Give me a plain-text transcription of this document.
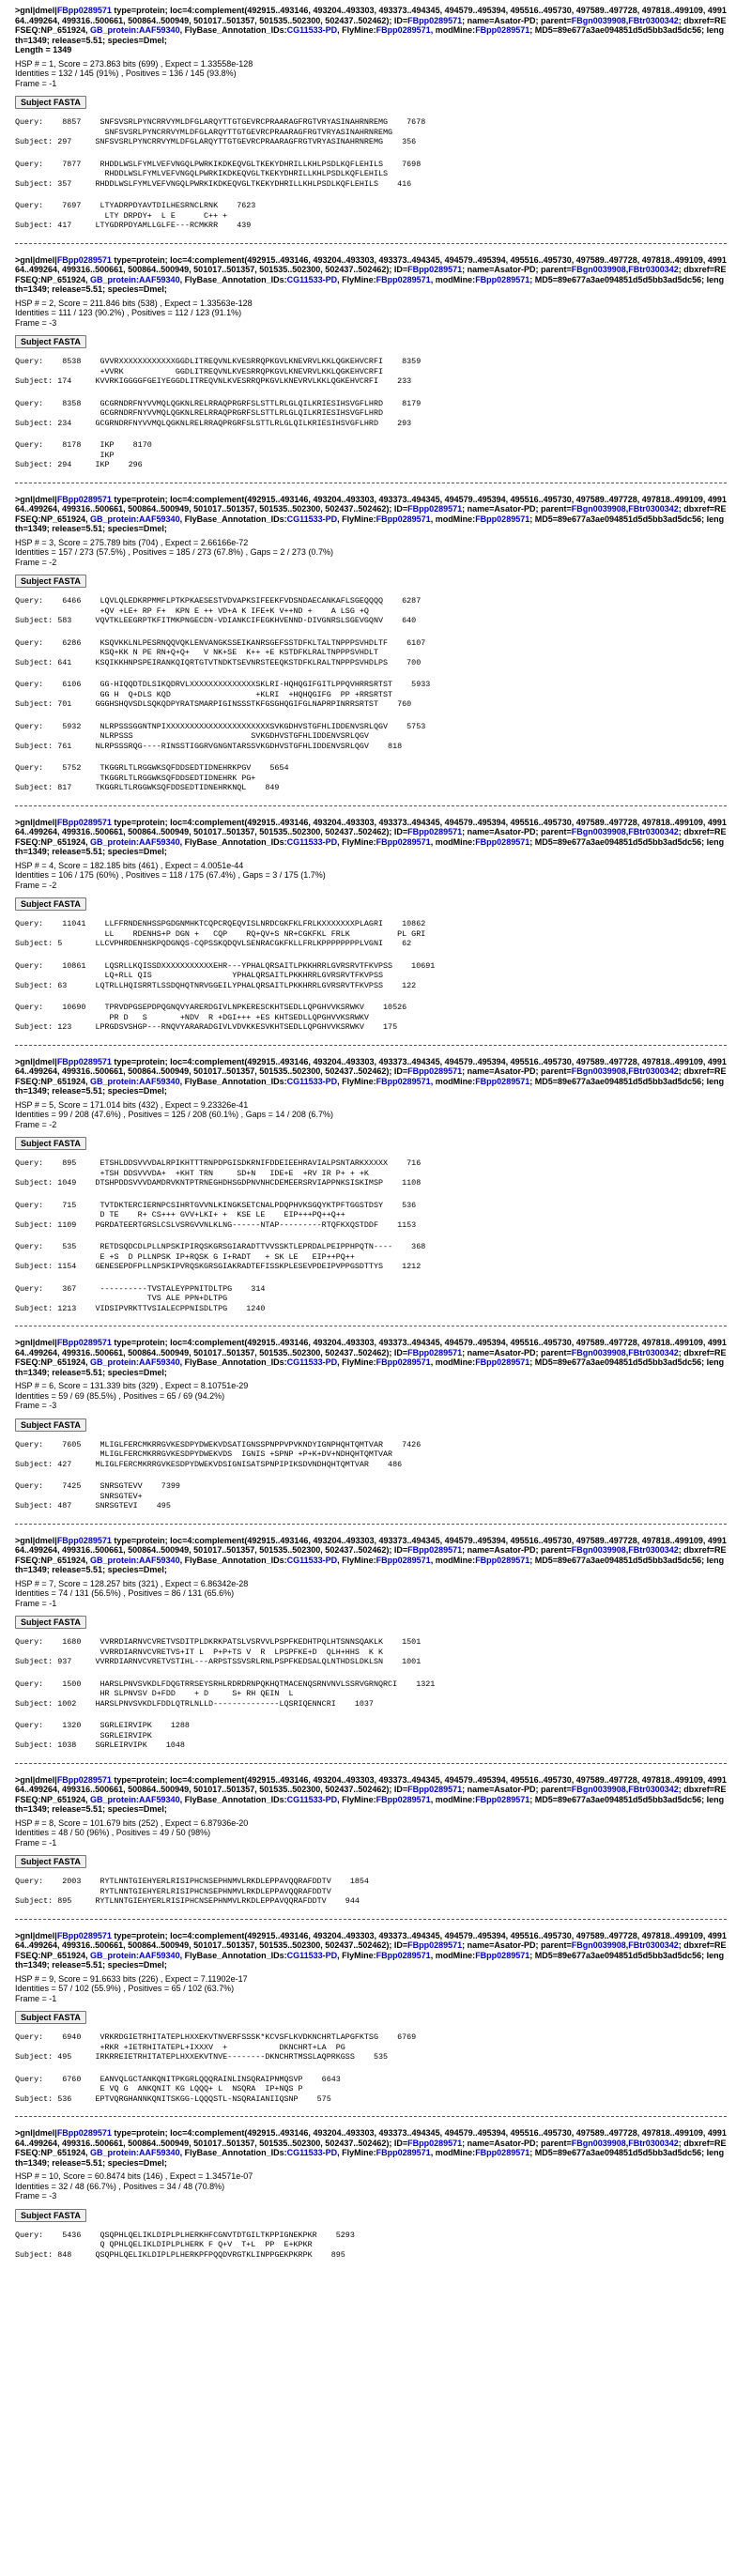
>gnl|dmel|FBpp0289571 type=protein; loc=4:complement(492915..493146, 493204..493303, 493373..494345, 494579..495394, 495516..495730, 497589..497728, 497818..499109, 499164..499264, 499316..500661, 500864..500949, 501017..501357, 501535..502300, 502437..502462); ID=FBpp0289571; name=Asator-PD; parent=FBgn0039908,FBtr0300342; dbxref=REFSEQ:NP_651924, GB_protein:AAF59340, FlyBase_Annotation_IDs:CG11533-PD, FlyMine:FBpp0289571, modMine:FBpp0289571; MD5=89e677a3ae094851d5d5bb3ad5dc56; length=1349; release=5.51; species=Dmel;
Length = 1349
HSP # = 1, Score = 273.863 bits (699) , Expect = 1.33558e-128
Identities = 132 / 145 (91%) , Positives = 136 / 145 (93.8%)
Frame = -1
Subject FASTA
Query:    8857    SNFSVSRLPYNCRRVYMLDFGLARQYTTGTGEVRCPRAARAGFRGTVRYASINAHRNREMG    7678
SNFSVSRLPYNCRRVYMLDFGLARQYTTGTGEVRCPRAARAGFRGTVRYASINAHRNREMG
Subject: 297     SNFSVSRLPYNCRRVYMLDFGLARQYTTGTGEVRCPRAARAGFRGTVRYASINAHRNREMG    356
Query:    7877    RHDDLWSLFYMLVEFVNGQLPWRKIKDKEQVGLTKEKYDHRILLKHLPSDLKQFLEHILS    7698
RHDDLWSLFYMLVEFVNGQLPWRKIKDKEQVGLTKEKYDHRILLKHLPSDLKQFLEHILS
Subject: 357     RHDDLWSLFYMLVEFVNGQLPWRKIKDKEQVGLTKEKYDHRILLKHLPSDLKQFLEHILS    416
Query:    7697    LTYADRPDYAVTDILHESRNCLRNK    7623
LTY DRPDY+  L E      C++ +
Subject: 417     LTYGDRPDYAMLLGLFE---RCMKRR    439
>gnl|dmel|FBpp0289571 type=protein; loc=4:complement(492915..493146, 493204..493303, 493373..494345, 494579..495394, 495516..495730, 497589..497728, 497818..499109, 499164..499264, 499316..500661, 500864..500949, 501017..501357, 501535..502300, 502437..502462); ID=FBpp0289571; name=Asator-PD; parent=FBgn0039908,FBtr0300342; dbxref=REFSEQ:NP_651924, GB_protein:AAF59340, FlyBase_Annotation_IDs:CG11533-PD, FlyMine:FBpp0289571, modMine:FBpp0289571; MD5=89e677a3ae094851d5d5bb3ad5dc56; length=1349; release=5.51; species=Dmel;
HSP # = 2, Score = 211.846 bits (538) , Expect = 1.33563e-128
Identities = 111 / 123 (90.2%) , Positives = 112 / 123 (91.1%)
Frame = -3
Subject FASTA
Query:    8538    GVVRXXXXXXXXXXXXGGDLITREQVNLKVESRRQPKGVLKNEVRVLKKLQGKEHVCRFI    8359
+VVRK           GGDLITREQVNLKVESRRQPKGVLKNEVRVLKKLQGKEHVCRFI
Subject: 174     KVVRKIGGGGFGEIYEGGDLITREQVNLKVESRRQPKGVLKNEVRVLKKLQGKEHVCRFI    233
Query:    8358    GCGRNDRFNYVVMQLQGKNLRELRRAQPRGRFSLSTTLRLGLQILKRIESIHSVGFLHRD    8179
GCGRNDRFNYVVMQLQGKNLRELRRAQPRGRFSLSTTLRLGLQILKRIESIHSVGFLHRD
Subject: 234     GCGRNDRFNYVVMQLQGKNLRELRRAQPRGRFSLSTTLRLGLQILKRIESIHSVGFLHRD    293
Query:    8178    IKP    8170
IKP
Subject: 294     IKP    296
>gnl|dmel|FBpp0289571 type=protein; loc=4:complement(492915..493146, 493204..493303, 493373..494345, 494579..495394, 495516..495730, 497589..497728, 497818..499109, 499164..499264, 499316..500661, 500864..500949, 501017..501357, 501535..502300, 502437..502462); ID=FBpp0289571; name=Asator-PD; parent=FBgn0039908,FBtr0300342; dbxref=REFSEQ:NP_651924, GB_protein:AAF59340, FlyBase_Annotation_IDs:CG11533-PD, FlyMine:FBpp0289571, modMine:FBpp0289571; MD5=89e677a3ae094851d5d5bb3ad5dc56; length=1349; release=5.51; species=Dmel;
HSP # = 3, Score = 275.789 bits (704) , Expect = 2.66166e-72
Identities = 157 / 273 (57.5%) , Positives = 185 / 273 (67.8%) , Gaps = 2 / 273 (0.7%)
Frame = -2
Subject FASTA
Query:    6466    LQVLQLEDKRPMMFLPTKPKAESESTVDVAPKSIFEEKFVDSNDAECANKAFLSGEQQQQ    6287
+QV +LE+ RP F+  KPN E ++ VD+A K IFE+K V++ND +    A LSG +Q
Subject: 583     VQVTKLEEGRPTKFITMKPNGECDN-VDIANKCIFEGKHVENND-DIVGNRSLSGEVGQNV    640
Query:    6286    KSQVKKLNLPESRNQQVQKLENVANGKSSEIKANRSGEFSSTDFKLTALTNPPPSVHDLTF    6107
KSQ+KK N PE RN+Q+Q+   V NK+SE  K++ +E KSTDFKLRALTNPPPSVHDLT
Subject: 641     KSQIKKHNPSPEIRANKQIQRTGTVTNDKTSEVNRSTEEQKSTDFKLRALTNPPPSVHDLPS    700
Query:    6106    GG-HIQQDTDLSIKQDRVLXXXXXXXXXXXXXXSKLRI-HQHQGIFGITLPPQVHRRSRTST    5933
GG H  Q+DLS KQD                  +KLRI  +HQHQGIFG  PP +RRSRTST
Subject: 701     GGGHSHQVSDLSQKQDPYRATSMARPIGINSSSTKFGSGHQGIFGLNAPRPINRRSRTST    760
Query:    5932    NLRPSSSGGNTNPIXXXXXXXXXXXXXXXXXXXXXXSVKGDHVSTGFHLIDDENVSRLQGV    5753
NLRPSSS                         SVKGDHVSTGFHLIDDENVSRLQGV
Subject: 761     NLRPSSSRQG----RINSSTIGGRVGNGNTARSSVKGDHVSTGFHLIDDENVSRLQGV    818
Query:    5752    TKGGRLTLRGGWKSQFDDSEDTIDNEHRKPGV    5654
TKGGRLTLRGGWKSQFDDSEDTIDNEHRK PG+
Subject: 817     TKGGRLTLRGGWKSQFDDSEDTIDNEHRKNQL    849
>gnl|dmel|FBpp0289571 type=protein; loc=4:complement(492915..493146, 493204..493303, 493373..494345, 494579..495394, 495516..495730, 497589..497728, 497818..499109, 499164..499264, 499316..500661, 500864..500949, 501017..501357, 501535..502300, 502437..502462); ID=FBpp0289571; name=Asator-PD; parent=FBgn0039908,FBtr0300342; dbxref=REFSEQ:NP_651924, GB_protein:AAF59340, FlyBase_Annotation_IDs:CG11533-PD, FlyMine:FBpp0289571, modMine:FBpp0289571; MD5=89e677a3ae094851d5d5bb3ad5dc56; length=1349; release=5.51; species=Dmel;
HSP # = 4, Score = 182.185 bits (461) , Expect = 4.0051e-44
Identities = 106 / 175 (60%) , Positives = 118 / 175 (67.4%) , Gaps = 3 / 175 (1.7%)
Frame = -2
Subject FASTA
Query:    11041    LLFFRNDENHSSPGDGNMHKTCQPCRQEQVISLNRDCGKFKLFRLKXXXXXXXPLAGRI    10862
LL    RDENHS+P DGN +   CQP    RQ+QV+S NR+CGKFKL FRLK          PL GRI
Subject: 5       LLCVPHRDENHSKPQDGNQS-CQPSSKQDQVLSENRACGKFKLLFRLKPPPPPPPPLVGNI    62
Query:    10861    LQSRLLKQISSDXXXXXXXXXXXEHR---YPHALQRSAITLPKKHRRLGVRSRVTFKVPSS    10691
LQ+RLL QIS                 YPHALQRSAITLPKKHRRLGVRSRVTFKVPSS
Subject: 63      LQTRLLHQISRRTLSSDQHQTNRVGGEILYPHALQRSAITLPKKHRRLGVRSRVTFKVPSS    122
Query:    10690    TPRVDPGSEPDPQGNQVYARERDGIVLNPKERESCKHTSEDLLQPGHVVKSRWKV    10526
PR D   S       +NDV  R +DGI+++ +ES KHTSEDLLQPGHVVKSRWKV
Subject: 123     LPRGDSVSHGP---RNQVYARARADGIVLVDVKKESVKHTSEDLLQPGHVVKSRWKV    175
>gnl|dmel|FBpp0289571 type=protein; loc=4:complement(492915..493146, 493204..493303, 493373..494345, 494579..495394, 495516..495730, 497589..497728, 497818..499109, 499164..499264, 499316..500661, 500864..500949, 501017..501357, 501535..502300, 502437..502462); ID=FBpp0289571; name=Asator-PD; parent=FBgn0039908,FBtr0300342; dbxref=REFSEQ:NP_651924, GB_protein:AAF59340, FlyBase_Annotation_IDs:CG11533-PD, FlyMine:FBpp0289571, modMine:FBpp0289571; MD5=89e677a3ae094851d5d5bb3ad5dc56; length=1349; release=5.51; species=Dmel;
HSP # = 5, Score = 171.014 bits (432) , Expect = 9.23326e-41
Identities = 99 / 208 (47.6%) , Positives = 125 / 208 (60.1%) , Gaps = 14 / 208 (6.7%)
Frame = -2
Subject FASTA
Query:    895     ETSHLDDSVVVDALRPIKHTTTRNPDPGISDKRNIFDDEIEEHRAVIALPSNTARKXXXXX    716
+TSH DDSVVVDA+  +KHT TRN     SD+N   IDE+E  +RV IR P+ + +K
Subject: 1049    DTSHPDDSVVVDAMDRVKNTPTRNEGHDHSGDPNVNHCDEMEERSRVIAPPNKSISKIMSP    1108
Query:    715     TVTDKTERCIERNPCSIHRTGVVNLKINGKSETCNALPDQPHVKSGQYKTPFTGGSTDSY    536
D TE    R+ CS+++ GVV+LKI+ +  KSE LE    EIP+++PQ++Q++
Subject: 1109    PGRDATEERTGRSLCSLVSRGVVNLKLNG------NTAP---------RTQFKXQSTDDF    1153
Query:    535     RETDSQDCDLPLLNPSKIPIRQSKGRSGIARADTTVVSSKTLEPRDALPEIPPHPQTN----    368
E +S  D PLLNPSK IP+RQSK G I+RADT   + SK LE   EIP++PQ++
Subject: 1154    GENESEPDFPLLNPSKIPVRQSKGRSGIAKRADTEFISSKPLESEVPDEIPVPPGSDTTYS    1212
Query:    367     ----------TVSTALEYPPNITDLTPG    314
TVS ALE PPN+DLTPG
Subject: 1213    VIDSIPVRKTTVSIALECPPNISDLTPG    1240
>gnl|dmel|FBpp0289571 type=protein; loc=4:complement(492915..493146, 493204..493303, 493373..494345, 494579..495394, 495516..495730, 497589..497728, 497818..499109, 499164..499264, 499316..500661, 500864..500949, 501017..501357, 501535..502300, 502437..502462); ID=FBpp0289571; name=Asator-PD; parent=FBgn0039908,FBtr0300342; dbxref=REFSEQ:NP_651924, GB_protein:AAF59340, FlyBase_Annotation_IDs:CG11533-PD, FlyMine:FBpp0289571, modMine:FBpp0289571; MD5=89e677a3ae094851d5d5bb3ad5dc56; length=1349; release=5.51; species=Dmel;
HSP # = 6, Score = 131.339 bits (329) , Expect = 8.10751e-29
Identities = 59 / 69 (85.5%) , Positives = 65 / 69 (94.2%)
Frame = -3
Subject FASTA
Query:    7605    MLIGLFERCMKRRGVKESDPYDWEKVDSATIGNSSPNPPVPVKNDYIGNPHQHTQMTVAR    7426
MLIGLFERCMKRRGVKESDPYDWEKVDS  IGNIS +SPNP +P+K+DV+NDHQHTQMTVAR
Subject: 427     MLIGLFERCMKRRGVKESDPYDWEKVDSIGNISATSPNPIPIKSDVNDHQHTQMTVAR    486
Query:    7425    SNRSGTEVV    7399
SNRSGTEV+
Subject: 487     SNRSGTEVI    495
>gnl|dmel|FBpp0289571 type=protein; loc=4:complement(492915..493146, 493204..493303, 493373..494345, 494579..495394, 495516..495730, 497589..497728, 497818..499109, 499164..499264, 499316..500661, 500864..500949, 501017..501357, 501535..502300, 502437..502462); ID=FBpp0289571; name=Asator-PD; parent=FBgn0039908,FBtr0300342; dbxref=REFSEQ:NP_651924, GB_protein:AAF59340, FlyBase_Annotation_IDs:CG11533-PD, FlyMine:FBpp0289571, modMine:FBpp0289571; MD5=89e677a3ae094851d5d5bb3ad5dc56; length=1349; release=5.51; species=Dmel;
HSP # = 7, Score = 128.257 bits (321) , Expect = 6.86342e-28
Identities = 74 / 131 (56.5%) , Positives = 86 / 131 (65.6%)
Frame = -1
Subject FASTA
Query:    1680    VVRRDIARNVCVRETVSDITPLDKRKPATSLVSRVVLPSPFKEDHTPQLHTSNNSQAKLK    1501
VVRRDIARNVCVRETVS+IT L  P+P+TS V  R  LPSPFKE+D  QLH+HHS  K K
Subject: 937     VVRRDIARNVCVRETVSTIHL---ARPSTSSVSRLRNLPSPFKEDSALQLNTHDSLDKLSN    1001
Query:    1500    HARSLPNVSVKDLFDQGTRRSEYSRHLRDRDRNPQKHQTMACENQSRNVNVLSSRVGRNQRCI    1321
HR SLPNVSV D+FDD    + D     S+ RH QEIN  L
Subject: 1002    HARSLPNVSVKDLFDDLQTRLNLLD--------------LQSRIQENNCRI    1037
Query:    1320    SGRLEIRVIPK    1288
SGRLEIRVIPK
Subject: 1038    SGRLEIRVIPK    1048
>gnl|dmel|FBpp0289571 type=protein; loc=4:complement(492915..493146, 493204..493303, 493373..494345, 494579..495394, 495516..495730, 497589..497728, 497818..499109, 499164..499264, 499316..500661, 500864..500949, 501017..501357, 501535..502300, 502437..502462); ID=FBpp0289571; name=Asator-PD; parent=FBgn0039908,FBtr0300342; dbxref=REFSEQ:NP_651924, GB_protein:AAF59340, FlyBase_Annotation_IDs:CG11533-PD, FlyMine:FBpp0289571, modMine:FBpp0289571; MD5=89e677a3ae094851d5d5bb3ad5dc56; length=1349; release=5.51; species=Dmel;
HSP # = 8, Score = 101.679 bits (252) , Expect = 6.87936e-20
Identities = 48 / 50 (96%) , Positives = 49 / 50 (98%)
Frame = -1
Subject FASTA
Query:    2003    RYTLNNTGIEHYERLRISIPHCNSEPHNMVLRKDLEPPAVQQRAFDDTV    1854
RYTLNNTGIEHYERLRISIPHCNSEPHNMVLRKDLEPPAVQQRAFDDTV
Subject: 895     RYTLNNTGIEHYERLRISIPHCNSEPHNMVLRKDLEPPAVQQRAFDDTV    944
>gnl|dmel|FBpp0289571 type=protein; loc=4:complement(492915..493146, 493204..493303, 493373..494345, 494579..495394, 495516..495730, 497589..497728, 497818..499109, 499164..499264, 499316..500661, 500864..500949, 501017..501357, 501535..502300, 502437..502462); ID=FBpp0289571; name=Asator-PD; parent=FBgn0039908,FBtr0300342; dbxref=REFSEQ:NP_651924, GB_protein:AAF59340, FlyBase_Annotation_IDs:CG11533-PD, FlyMine:FBpp0289571, modMine:FBpp0289571; MD5=89e677a3ae094851d5d5bb3ad5dc56; length=1349; release=5.51; species=Dmel;
HSP # = 9, Score = 91.6633 bits (226) , Expect = 7.11902e-17
Identities = 57 / 102 (55.9%) , Positives = 65 / 102 (63.7%)
Frame = -1
Subject FASTA
Query:    6940    VRKRDGIETRHITATEPLHXXEKVTNVERFSSSK*KCVSFLKVDKNCHRTLAPGFKTSG    6769
+RKR +IETRHITATEPL+IXXXV  +           DKNCHRT+LA  PG
Subject: 495     IRKRREIETRHITATEPLHXXEKVTNVE--------DKNCHRTMSSLAQPRKGSS    535
Query:    6760    EANVQLGCTANKQNITPKGRLQQQRAINLINSQRAIPNMQSVP    6643
E VQ G  ANKQNIT KG LQQQ+ L  NSQRA  IP+NQS P
Subject: 536     EPTVQRGHANNKQNITSKGG-LQQQSTL-NSQRAIANIIQSNP    575
>gnl|dmel|FBpp0289571 type=protein; loc=4:complement(492915..493146, 493204..493303, 493373..494345, 494579..495394, 495516..495730, 497589..497728, 497818..499109, 499164..499264, 499316..500661, 500864..500949, 501017..501357, 501535..502300, 502437..502462); ID=FBpp0289571; name=Asator-PD; parent=FBgn0039908,FBtr0300342; dbxref=REFSEQ:NP_651924, GB_protein:AAF59340, FlyBase_Annotation_IDs:CG11533-PD, FlyMine:FBpp0289571, modMine:FBpp0289571; MD5=89e677a3ae094851d5d5bb3ad5dc56; length=1349; release=5.51; species=Dmel;
HSP # = 10, Score = 60.8474 bits (146) , Expect = 1.34571e-07
Identities = 32 / 48 (66.7%) , Positives = 34 / 48 (70.8%)
Frame = -3
Subject FASTA
Query:    5436    QSQPHLQELIKLDIPLPLHERKHFCGNVTDTGILTKPPIGNEKPKR    5293
Q QPHLQELIKLDIPLPLHERK F Q+V  T+L  PP  E+KPKR
Subject: 848     QSQPHLQELIKLDIPLPLHERKPFPQQDVRGTKLINPPGEKPKRPK    895
